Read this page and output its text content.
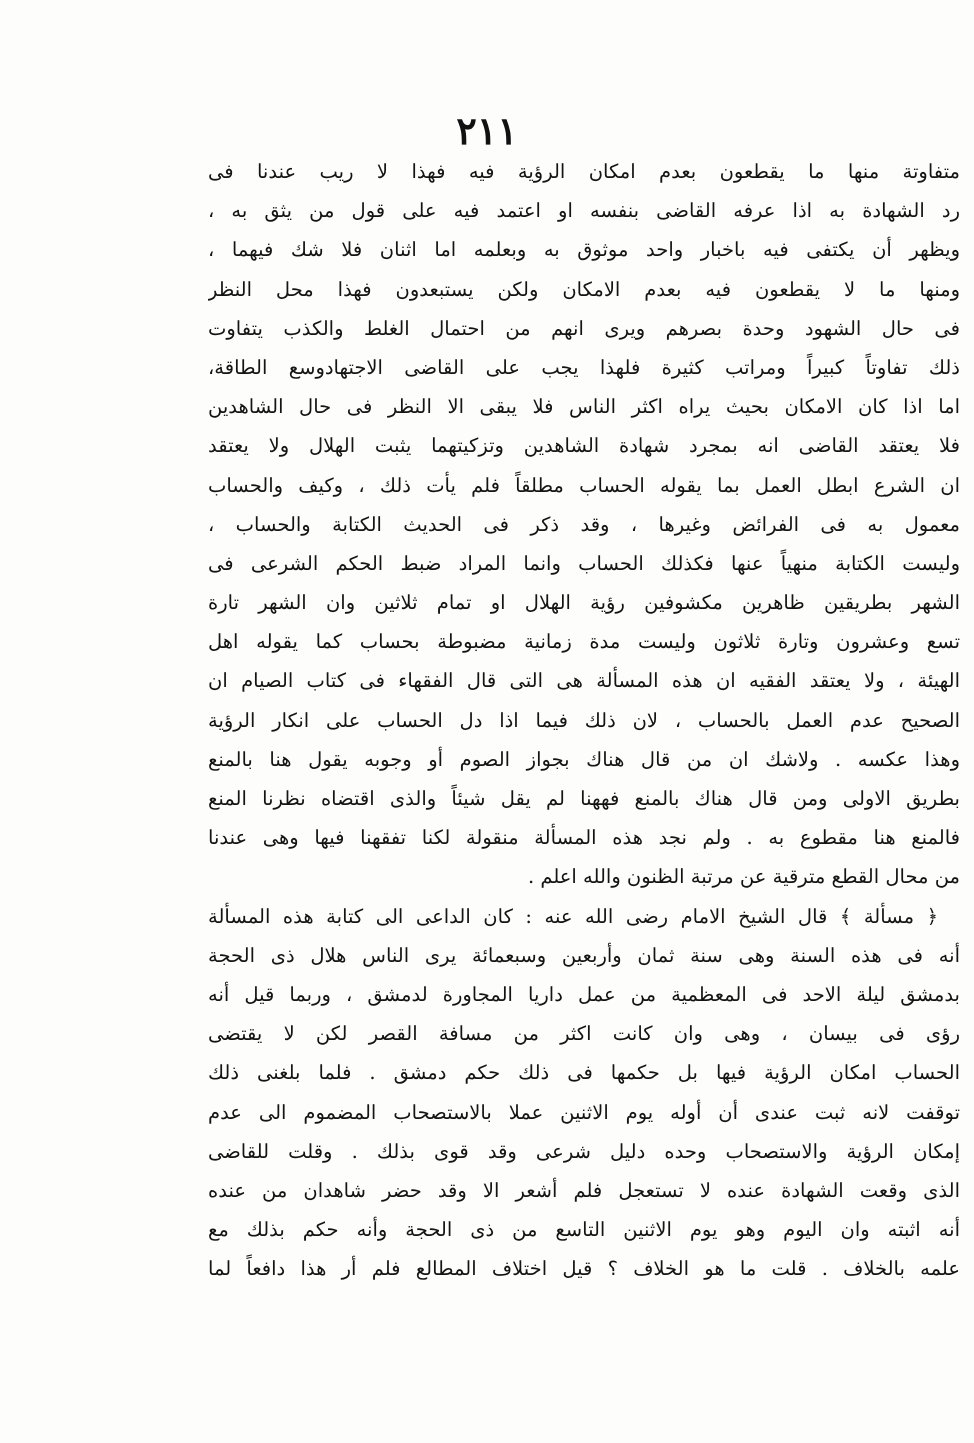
٢١١
متفاوتة منها ما يقطعون بعدم امكان الرؤية فيه فهذا لا ريب عندنا فى
رد الشهادة به اذا عرفه القاضى بنفسه او اعتمد فيه على قول من يثق به ،
ويظهر أن يكتفى فيه باخبار واحد موثوق به وبعلمه اما اثنان فلا شك فيهما ،
ومنها ما لا يقطعون فيه بعدم الامكان ولكن يستبعدون فهذا محل النظر
فى حال الشهود وحدة بصرهم ويرى انهم من احتمال الغلط والكذب يتفاوت
ذلك تفاوتاً كبيراً ومراتب كثيرة فلهذا يجب على القاضى الاجتهادوسع الطاقة،
اما اذا كان الامكان بحيث يراه اكثر الناس فلا يبقى الا النظر فى حال الشاهدين
فلا يعتقد القاضى انه بمجرد شهادة الشاهدين وتزكيتهما يثبت الهلال ولا يعتقد
ان الشرع ابطل العمل بما يقوله الحساب مطلقاً فلم يأت ذلك ، وكيف والحساب
معمول به فى الفرائض وغيرها ، وقد ذكر فى الحديث الكتابة والحساب ،
وليست الكتابة منهياً عنها فكذلك الحساب وانما المراد ضبط الحكم الشرعى فى
الشهر بطريقين ظاهرين مكشوفين رؤية الهلال او تمام ثلاثين وان الشهر تارة
تسع وعشرون وتارة ثلاثون وليست مدة زمانية مضبوطة بحساب كما يقوله اهل
الهيئة ، ولا يعتقد الفقيه ان هذه المسألة هى التى قال الفقهاء فى كتاب الصيام ان
الصحيح عدم العمل بالحساب ، لان ذلك فيما اذا دل الحساب على انكار الرؤية
وهذا عكسه . ولاشك ان من قال هناك بجواز الصوم أو وجوبه يقول هنا بالمنع
بطريق الاولى ومن قال هناك بالمنع فههنا لم يقل شيئاً والذى اقتضاه نظرنا المنع
فالمنع هنا مقطوع به . ولم نجد هذه المسألة منقولة لكنا تفقهنا فيها وهى عندنا
من محال القطع مترقية عن مرتبة الظنون والله اعلم .
﴿ مسألة ﴾ قال الشيخ الامام رضى الله عنه : كان الداعى الى كتابة هذه المسألة
أنه فى هذه السنة وهى سنة ثمان وأربعين وسبعمائة يرى الناس هلال ذى الحجة
بدمشق ليلة الاحد فى المعظمية من عمل داريا المجاورة لدمشق ، وربما قيل أنه
رؤى فى بيسان ، وهى وان كانت اكثر من مسافة القصر لكن لا يقتضى
الحساب امكان الرؤية فيها بل حكمها فى ذلك حكم دمشق . فلما بلغنى ذلك
توقفت لانه ثبت عندى أن أوله يوم الاثنين عملا بالاستصحاب المضموم الى عدم
إمكان الرؤية والاستصحاب وحده دليل شرعى وقد قوى بذلك . وقلت للقاضى
الذى وقعت الشهادة عنده لا تستعجل فلم أشعر الا وقد حضر شاهدان من عنده
أنه اثبته وان اليوم وهو يوم الاثنين التاسع من ذى الحجة وأنه حكم بذلك مع
علمه بالخلاف . قلت ما هو الخلاف ؟ قيل اختلاف المطالع فلم أر هذا دافعاً لما
